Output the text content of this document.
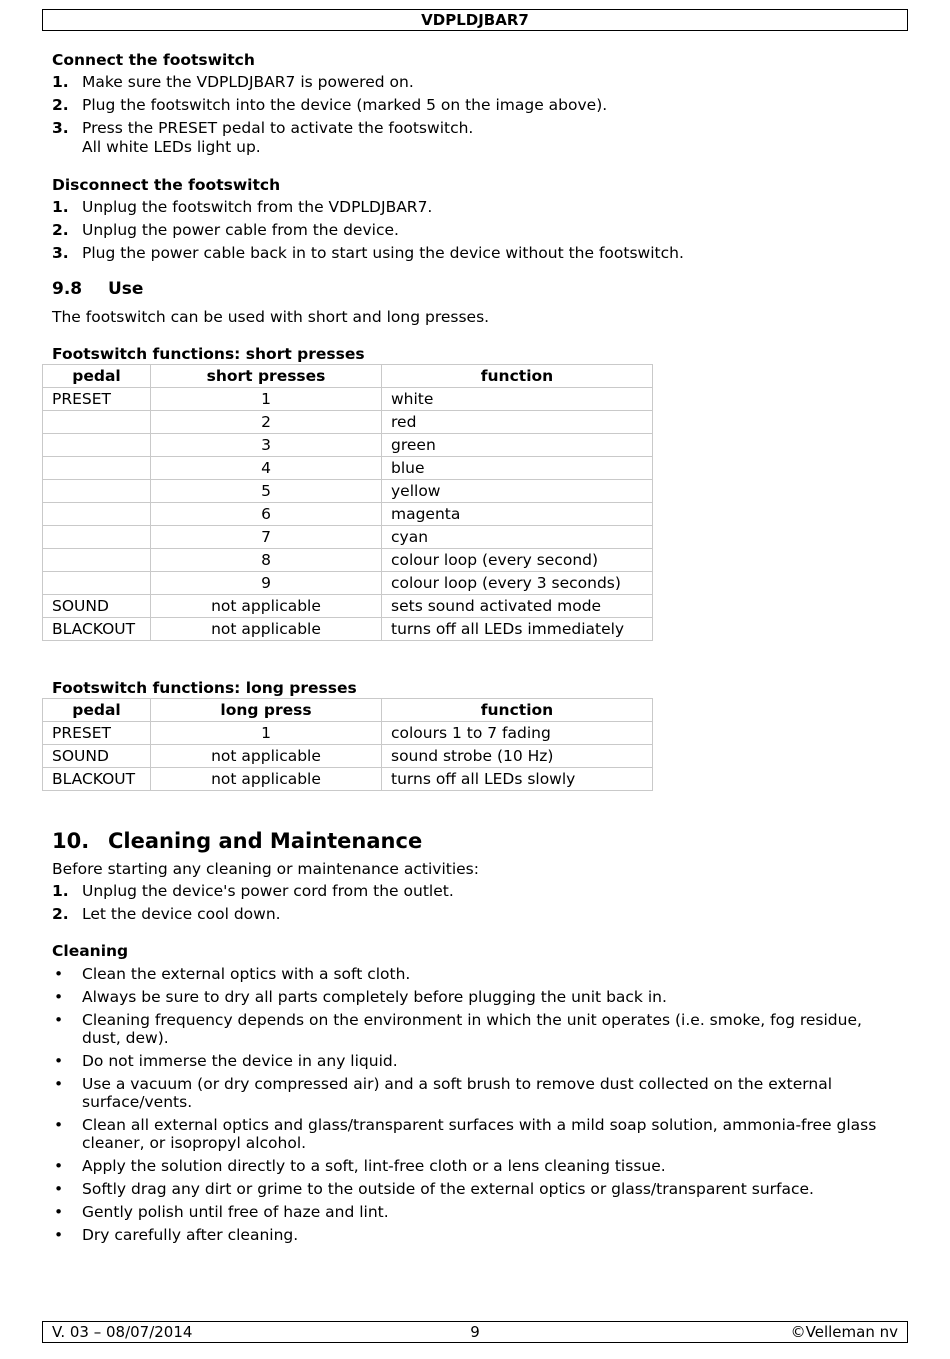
VDPLDJBAR7

Connect the footswitch

1. Make sure the VDPLDJBAR7 is powered on.
2. Plug the footswitch into the device (marked 5 on the image above).
3. Press the PRESET pedal to activate the footswitch.
All white LEDs light up.

Disconnect the footswitch

1. Unplug the footswitch from the VDPLDJBAR7.
2. Unplug the power cable from the device.
3. Plug the power cable back in to start using the device without the footswitch.

9.8 Use

The footswitch can be used with short and long presses.

Footswitch functions: short presses

pedal	short presses	function
PRESET	1	white
	2	red
	3	green
	4	blue
	5	yellow
	6	magenta
	7	cyan
	8	colour loop (every second)
	9	colour loop (every 3 seconds)
SOUND	not applicable	sets sound activated mode
BLACKOUT	not applicable	turns off all LEDs immediately

Footswitch functions: long presses

pedal	long press	function
PRESET	1	colours 1 to 7 fading
SOUND	not applicable	sound strobe (10 Hz)
BLACKOUT	not applicable	turns off all LEDs slowly

10. Cleaning and Maintenance

Before starting any cleaning or maintenance activities:

1. Unplug the device's power cord from the outlet.
2. Let the device cool down.

Cleaning

• Clean the external optics with a soft cloth.
• Always be sure to dry all parts completely before plugging the unit back in.
• Cleaning frequency depends on the environment in which the unit operates (i.e. smoke, fog residue, dust, dew).
• Do not immerse the device in any liquid.
• Use a vacuum (or dry compressed air) and a soft brush to remove dust collected on the external surface/vents.
• Clean all external optics and glass/transparent surfaces with a mild soap solution, ammonia-free glass cleaner, or isopropyl alcohol.
• Apply the solution directly to a soft, lint-free cloth or a lens cleaning tissue.
• Softly drag any dirt or grime to the outside of the external optics or glass/transparent surface.
• Gently polish until free of haze and lint.
• Dry carefully after cleaning.
V. 03 – 08/07/2014	9	©Velleman nv
